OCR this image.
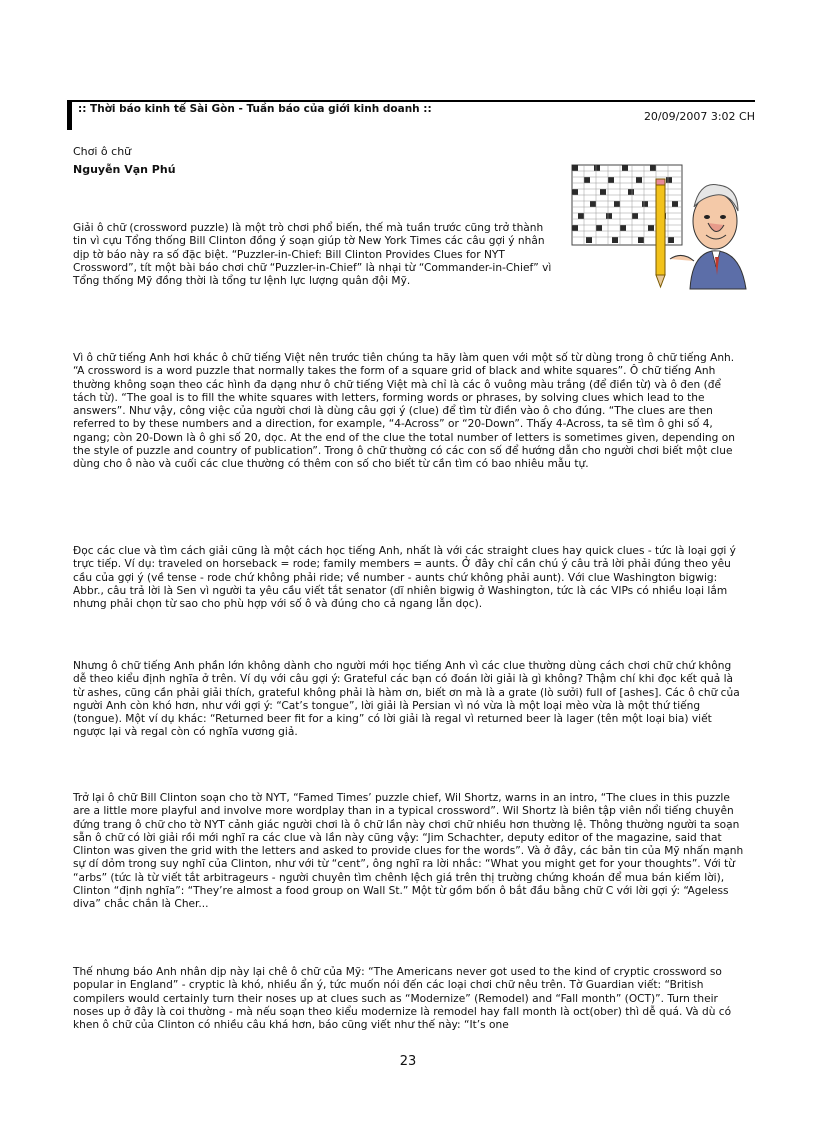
:: Thời báo kinh tế Sài Gòn - Tuần báo của giới kinh doanh ::
20/09/2007 3:02 CH
Chơi ô chữ
Nguyễn Vạn Phú

Giải ô chữ (crossword puzzle) là một trò chơi phổ biến, thế mà tuần trước cũng trở thành tin vì cựu Tổng thống Bill Clinton đồng ý soạn giúp tờ New York Times các câu gợi ý nhân dịp tờ báo này ra số đặc biệt. “Puzzler-in-Chief: Bill Clinton Provides Clues for NYT Crossword”, tít một bài báo chơi chữ “Puzzler-in-Chief” là nhại từ “Commander-in-Chief” vì Tổng thống Mỹ đồng thời là tổng tư lệnh lực lượng quân đội Mỹ.

Vì ô chữ tiếng Anh hơi khác ô chữ tiếng Việt nên trước tiên chúng ta hãy làm quen với một số từ dùng trong ô chữ tiếng Anh. “A crossword is a word puzzle that normally takes the form of a square grid of black and white squares”. Ô chữ tiếng Anh thường không soạn theo các hình đa dạng như ô chữ tiếng Việt mà chỉ là các ô vuông màu trắng (để điền từ) và ô đen (để tách từ). “The goal is to fill the white squares with letters, forming words or phrases, by solving clues which lead to the answers”. Như vậy, công việc của người chơi là dùng câu gợi ý (clue) để tìm từ điền vào ô cho đúng. “The clues are then referred to by these numbers and a direction, for example, “4-Across” or “20-Down”. Thấy 4-Across, ta sẽ tìm ô ghi số 4, ngang; còn 20-Down là ô ghi số 20, dọc. At the end of the clue the total number of letters is sometimes given, depending on the style of puzzle and country of publication”. Trong ô chữ thường có các con số để hướng dẫn cho người chơi biết một clue dùng cho ô nào và cuối các clue thường có thêm con số cho biết từ cần tìm có bao nhiêu mẫu tự.

Đọc các clue và tìm cách giải cũng là một cách học tiếng Anh, nhất là với các straight clues hay quick clues - tức là loại gợi ý trực tiếp. Ví dụ: traveled on horseback = rode; family members = aunts. Ở đây chỉ cần chú ý câu trả lời phải đúng theo yêu cầu của gợi ý (về tense - rode chứ không phải ride; về number - aunts chứ không phải aunt). Với clue Washington bigwig: Abbr., câu trả lời là Sen vì người ta yêu cầu viết tắt senator (dĩ nhiên bigwig ở Washington, tức là các VIPs có nhiều loại lắm nhưng phải chọn từ sao cho phù hợp với số ô và đúng cho cả ngang lẫn dọc).

Nhưng ô chữ tiếng Anh phần lớn không dành cho người mới học tiếng Anh vì các clue thường dùng cách chơi chữ chứ không dễ theo kiểu định nghĩa ở trên. Ví dụ với câu gợi ý: Grateful các bạn có đoán lời giải là gì không? Thậm chí khi đọc kết quả là từ ashes, cũng cần phải giải thích, grateful không phải là hàm ơn, biết ơn mà là a grate (lò sưởi) full of [ashes]. Các ô chữ của người Anh còn khó hơn, như với gợi ý: “Cat’s tongue”, lời giải là Persian vì nó vừa là một loại mèo vừa là một thứ tiếng (tongue). Một ví dụ khác: “Returned beer fit for a king” có lời giải là regal vì returned beer là lager (tên một loại bia) viết ngược lại và regal còn có nghĩa vương giả.

Trở lại ô chữ Bill Clinton soạn cho tờ NYT, “Famed Times’ puzzle chief, Wil Shortz, warns in an intro, “The clues in this puzzle are a little more playful and involve more wordplay than in a typical crossword”. Wil Shortz là biên tập viên nổi tiếng chuyên đứng trang ô chữ cho tờ NYT cảnh giác người chơi là ô chữ lần này chơi chữ nhiều hơn thường lệ. Thông thường người ta soạn sẵn ô chữ có lời giải rồi mới nghĩ ra các clue và lần này cũng vậy: “Jim Schachter, deputy editor of the magazine, said that Clinton was given the grid with the letters and asked to provide clues for the words”. Và ở đây, các bản tin của Mỹ nhấn mạnh sự dí dỏm trong suy nghĩ của Clinton, như với từ “cent”, ông nghĩ ra lời nhắc: “What you might get for your thoughts”. Với từ “arbs” (tức là từ viết tắt arbitrageurs - người chuyên tìm chênh lệch giá trên thị trường chứng khoán để mua bán kiếm lời), Clinton “định nghĩa”: “They’re almost a food group on Wall St.” Một từ gồm bốn ô bắt đầu bằng chữ C với lời gợi ý: “Ageless diva” chắc chắn là Cher...

Thế nhưng báo Anh nhân dịp này lại chê ô chữ của Mỹ: “The Americans never got used to the kind of cryptic crossword so popular in England” - cryptic là khó, nhiều ẩn ý, tức muốn nói đến các loại chơi chữ nêu trên. Tờ Guardian viết: “British compilers would certainly turn their noses up at clues such as “Modernize” (Remodel) and “Fall month” (OCT)”. Turn their noses up ở đây là coi thường - mà nếu soạn theo kiểu modernize là remodel hay fall month là oct(ober) thì dễ quá. Và dù có khen ô chữ của Clinton có nhiều câu khá hơn, báo cũng viết như thế này: “It’s one

23
